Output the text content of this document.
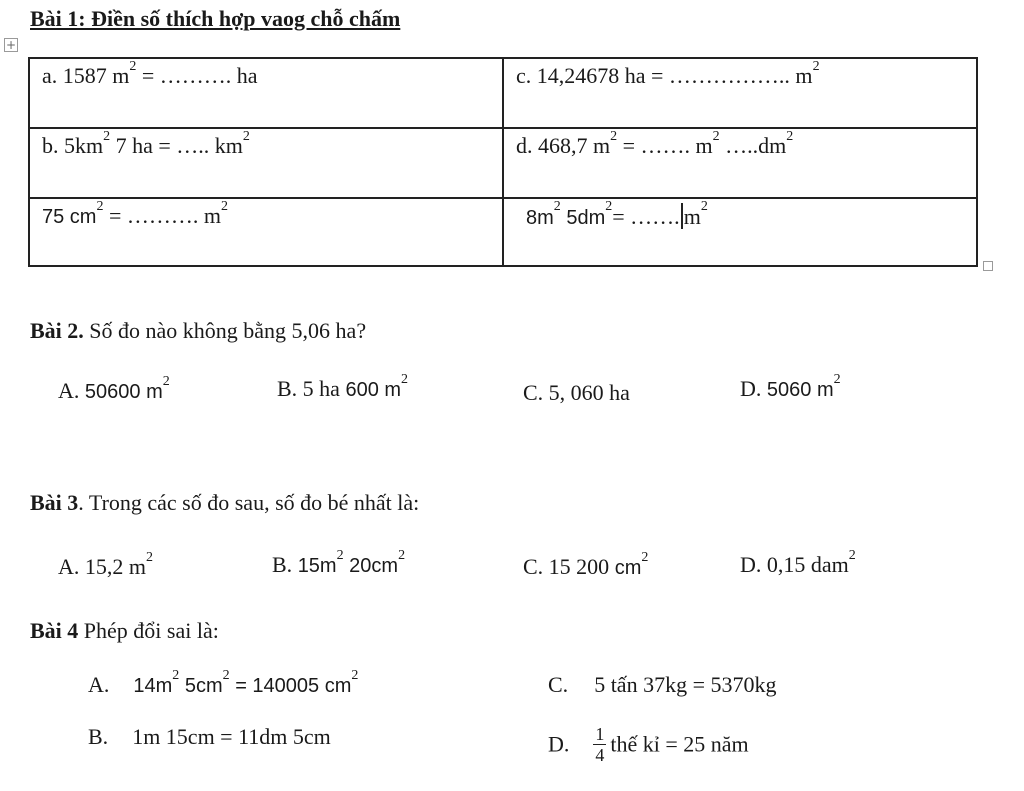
Bài 1: Điền số thích hợp vaog chỗ chấm
+
a. 1587 $m^2$ = ………. ha	c. 14,24678 ha = …………….. $m^2$
b. $5km^2$ 7 ha = ….. $km^2$	d. 468,7 $m^2$ = ……. $m^2$ $\dots..dm^2$
75 $cm^2$ = ………. $m^2$	$8m^2$ $5dm^2=$ ……. $m^2$
Bài 2. Số đo nào không bằng 5,06 ha?
A. 50600 $m^2$	B. 5 ha 600 $m^2$
C. 5, 060 ha	D. 5060 $m^2$
Bài 3. Trong các số đo sau, số đo bé nhất là:
A. 15,2 $m^2$	B. $15m^2$ $20cm^2$	C. 15 200 $cm^2$	D. 0,15 dam$^2$
Bài 4 Phép đổi sai là:
A. $14m^2$ $5cm^2 = 140005$ $cm^2$	C. 5 tấn 37kg = 5370kg
B. 1m 15cm = 11dm 5cm	D. $\frac{1}{4}$ thế kỉ = 25 năm
